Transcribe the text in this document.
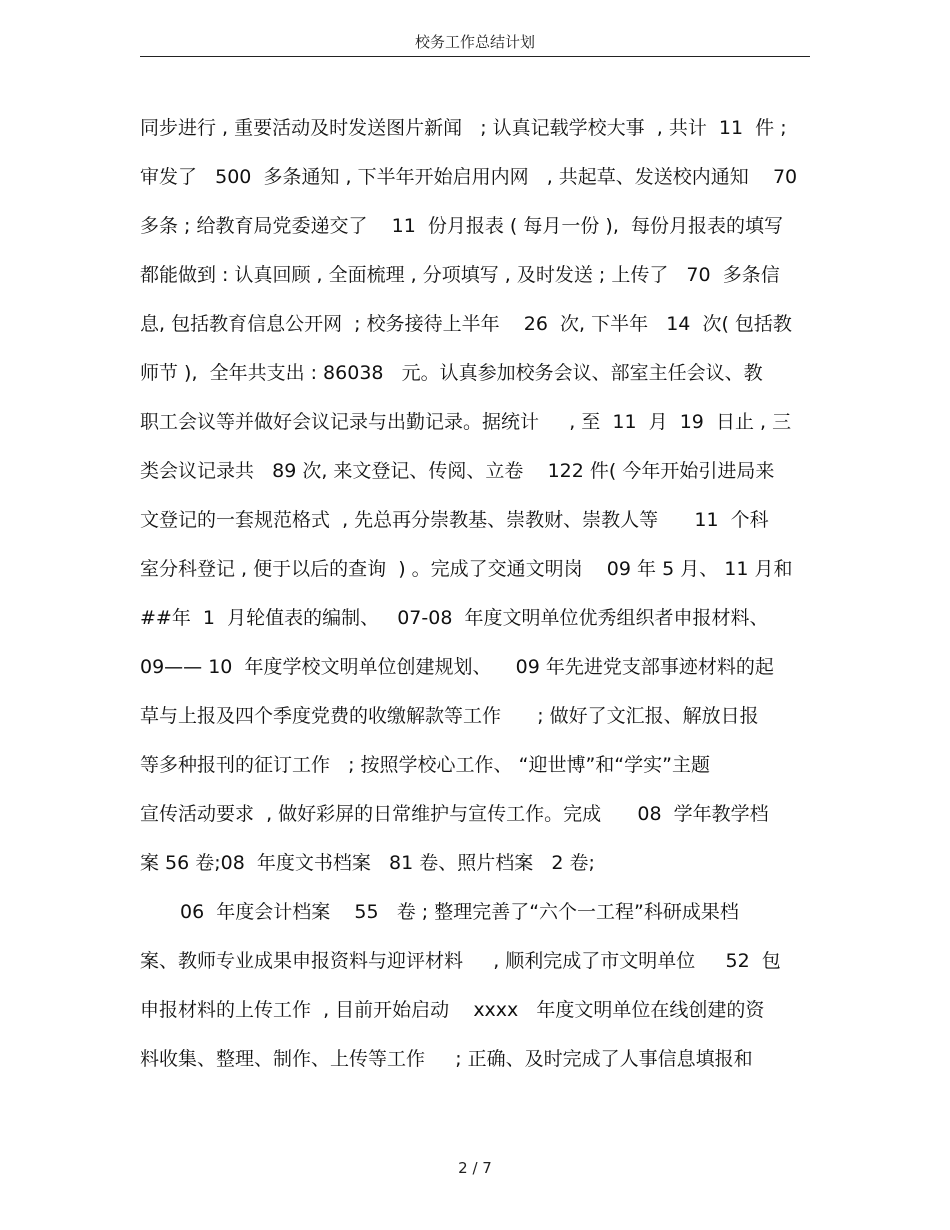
校务工作总结计划
同步进行 , 重要活动及时发送图片新闻   ; 认真记载学校大事  , 共计  11  件 ;
审发了   500  多条通知 , 下半年开始启用内网   , 共起草、发送校内通知    70
多条 ; 给教育局党委递交了    11  份月报表 ( 每月一份 ),  每份月报表的填写
都能做到 : 认真回顾 , 全面梳理 , 分项填写 , 及时发送 ; 上传了   70  多条信
息, 包括教育信息公开网  ; 校务接待上半年    26  次, 下半年   14  次( 包括教
师节 ),  全年共支出 : 86038   元。认真参加校务会议、部室主任会议、教
职工会议等并做好会议记录与出勤记录。据统计     , 至  11  月  19  日止 , 三
类会议记录共   89 次, 来文登记、传阅、立卷    122 件( 今年开始引进局来
文登记的一套规范格式  , 先总再分崇教基、崇教财、崇教人等      11  个科
室分科登记 , 便于以后的查询  ) 。完成了交通文明岗    09 年 5 月、 11 月和
##年  1  月轮值表的编制、   07-08  年度文明单位优秀组织者申报材料、
09—— 10  年度学校文明单位创建规划、    09 年先进党支部事迹材料的起
草与上报及四个季度党费的收缴解款等工作      ; 做好了文汇报、解放日报
等多种报刊的征订工作   ; 按照学校心工作、 “迎世博”和“学实”主题
宣传活动要求  , 做好彩屏的日常维护与宣传工作。完成      08  学年教学档
案 56 卷;08  年度文书档案   81 卷、照片档案   2 卷;
06  年度会计档案    55   卷 ; 整理完善了“六个一工程”科研成果档
案、教师专业成果申报资料与迎评材料     , 顺利完成了市文明单位     52  包
申报材料的上传工作  , 目前开始启动    xxxx   年度文明单位在线创建的资
料收集、整理、制作、上传等工作     ; 正确、及时完成了人事信息填报和
2 / 7
